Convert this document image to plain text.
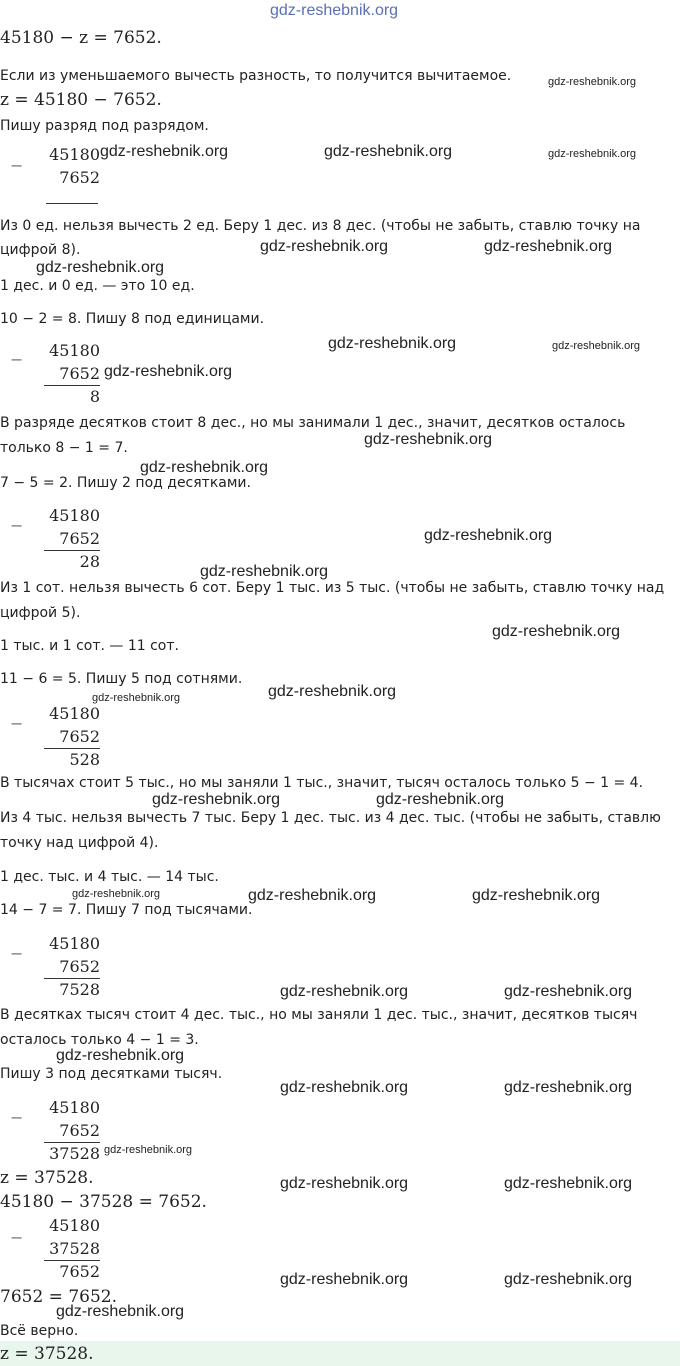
gdz-reshebnik.org
45180 − z = 7652.
Если из уменьшаемого вычесть разность, то получится вычитаемое.
z = 45180 − 7652.
Пишу разряд под разрядом.
−
45180
7652
Из 0 ед. нельзя вычесть 2 ед. Беру 1 дес. из 8 дес. (чтобы не забыть, ставлю точку на
цифрой 8).
1 дес. и 0 ед. — это 10 ед.
10 − 2 = 8. Пишу 8 под единицами.
−	45180
7652
8
В разряде десятков стоит 8 дес., но мы занимали 1 дес., значит, десятков осталось
только 8 − 1 = 7.
7 − 5 = 2. Пишу 2 под десятками.
−
45180
7652
28
Из 1 сот. нельзя вычесть 6 сот. Беру 1 тыс. из 5 тыс. (чтобы не забыть, ставлю точку над
цифрой 5).
1 тыс. и 1 сот. — 11 сот.
11 − 6 = 5. Пишу 5 под сотнями.
−
45180
7652
528
В тысячах стоит 5 тыс., но мы заняли 1 тыс., значит, тысяч осталось только 5 − 1 = 4.
Из 4 тыс. нельзя вычесть 7 тыс. Беру 1 дес. тыс. из 4 дес. тыс. (чтобы не забыть, ставлю
точку над цифрой 4).
1 дес. тыс. и 4 тыс. — 14 тыс.
14 − 7 = 7. Пишу 7 под тысячами.
−
45180
7652
7528
В десятках тысяч стоит 4 дес. тыс., но мы заняли 1 дес. тыс., значит, десятков тысяч
осталось только 4 − 1 = 3.
Пишу 3 под десятками тысяч.
−
45180
7652
37528
z = 37528.
45180 − 37528 = 7652.
−
45180
37528
7652
7652 = 7652.
Всё верно.
z = 37528.
gdz-reshebnik.org
gdz-reshebnik.org	gdz-reshebnik.org	gdz-reshebnik.org
gdz-reshebnik.org	gdz-reshebnik.org
gdz-reshebnik.org
gdz-reshebnik.org	gdz-reshebnik.org
gdz-reshebnik.org
gdz-reshebnik.org
gdz-reshebnik.org
gdz-reshebnik.org
gdz-reshebnik.org
gdz-reshebnik.org
gdz-reshebnik.org
gdz-reshebnik.org
gdz-reshebnik.org	gdz-reshebnik.org
gdz-reshebnik.org	gdz-reshebnik.org	gdz-reshebnik.org
gdz-reshebnik.org	gdz-reshebnik.org
gdz-reshebnik.org
gdz-reshebnik.org	gdz-reshebnik.org
gdz-reshebnik.org
gdz-reshebnik.org	gdz-reshebnik.org
gdz-reshebnik.org	gdz-reshebnik.org
gdz-reshebnik.org
